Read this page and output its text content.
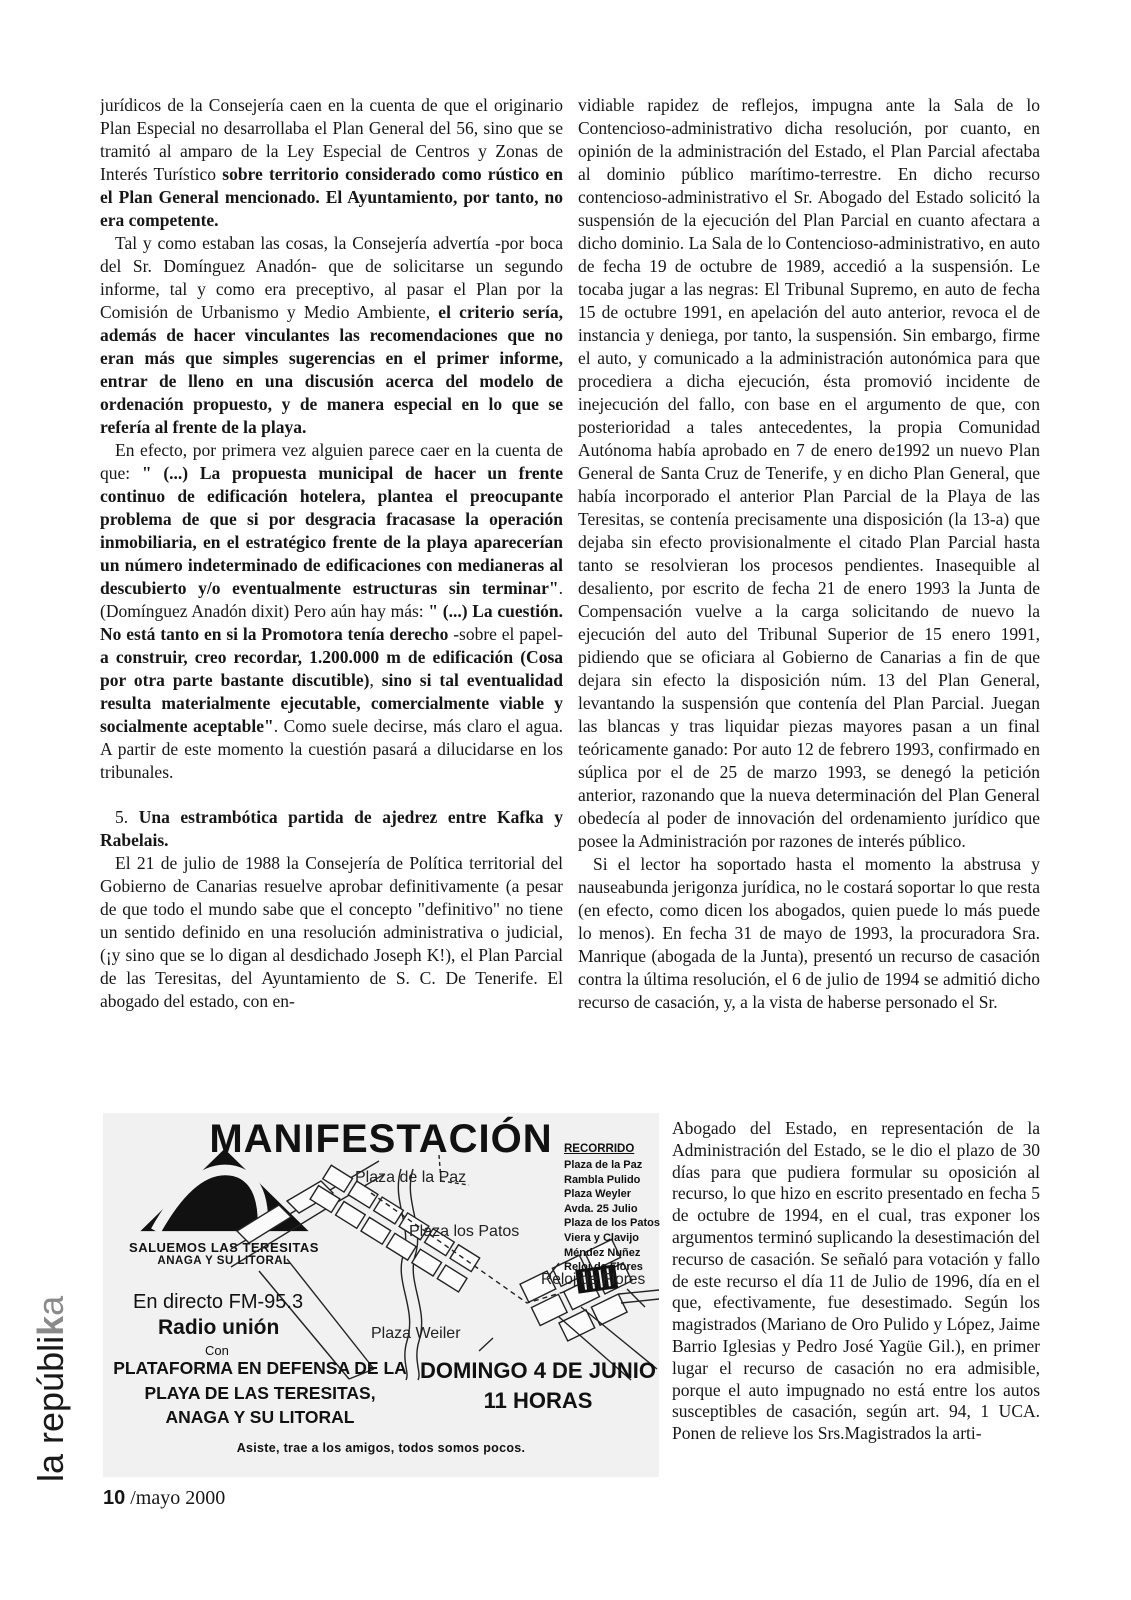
jurídicos de la Consejería caen en la cuenta de que el originario Plan Especial no desarrollaba el Plan General del 56, sino que se tramitó al amparo de la Ley Especial de Centros y Zonas de Interés Turístico sobre territorio considerado como rústico en el Plan General mencionado. El Ayuntamiento, por tanto, no era competente.

Tal y como estaban las cosas, la Consejería advertía -por boca del Sr. Domínguez Anadón- que de solicitarse un segundo informe, tal y como era preceptivo, al pasar el Plan por la Comisión de Urbanismo y Medio Ambiente, el criterio sería, además de hacer vinculantes las recomendaciones que no eran más que simples sugerencias en el primer informe, entrar de lleno en una discusión acerca del modelo de ordenación propuesto, y de manera especial en lo que se refería al frente de la playa.

En efecto, por primera vez alguien parece caer en la cuenta de que: " (...) La propuesta municipal de hacer un frente continuo de edificación hotelera, plantea el preocupante problema de que si por desgracia fracasase la operación inmobiliaria, en el estratégico frente de la playa aparecerían un número indeterminado de edificaciones con medianeras al descubierto y/o eventualmente estructuras sin terminar". (Domínguez Anadón dixit) Pero aún hay más: " (...) La cuestión. No está tanto en si la Promotora tenía derecho -sobre el papel- a construir, creo recordar, 1.200.000 m de edificación (Cosa por otra parte bastante discutible), sino si tal eventualidad resulta materialmente ejecutable, comercialmente viable y socialmente aceptable". Como suele decirse, más claro el agua. A partir de este momento la cuestión pasará a dilucidarse en los tribunales.

5. Una estrambótica partida de ajedrez entre Kafka y Rabelais.

El 21 de julio de 1988 la Consejería de Política territorial del Gobierno de Canarias resuelve aprobar definitivamente (a pesar de que todo el mundo sabe que el concepto "definitivo" no tiene un sentido definido en una resolución administrativa o judicial, (¡y sino que se lo digan al desdichado Joseph K!), el Plan Parcial de las Teresitas, del Ayuntamiento de S. C. De Tenerife. El abogado del estado, con en-

vidiable rapidez de reflejos, impugna ante la Sala de lo Contencioso-administrativo dicha resolución, por cuanto, en opinión de la administración del Estado, el Plan Parcial afectaba al dominio público marítimo-terrestre. En dicho recurso contencioso-administrativo el Sr. Abogado del Estado solicitó la suspensión de la ejecución del Plan Parcial en cuanto afectara a dicho dominio. La Sala de lo Contencioso-administrativo, en auto de fecha 19 de octubre de 1989, accedió a la suspensión. Le tocaba jugar a las negras: El Tribunal Supremo, en auto de fecha 15 de octubre 1991, en apelación del auto anterior, revoca el de instancia y deniega, por tanto, la suspensión. Sin embargo, firme el auto, y comunicado a la administración autonómica para que procediera a dicha ejecución, ésta promovió incidente de inejecución del fallo, con base en el argumento de que, con posterioridad a tales antecedentes, la propia Comunidad Autónoma había aprobado en 7 de enero de1992 un nuevo Plan General de Santa Cruz de Tenerife, y en dicho Plan General, que había incorporado el anterior Plan Parcial de la Playa de las Teresitas, se contenía precisamente una disposición (la 13-a) que dejaba sin efecto provisionalmente el citado Plan Parcial hasta tanto se resolvieran los procesos pendientes. Inasequible al desaliento, por escrito de fecha 21 de enero 1993 la Junta de Compensación vuelve a la carga solicitando de nuevo la ejecución del auto del Tribunal Superior de 15 enero 1991, pidiendo que se oficiara al Gobierno de Canarias a fin de que dejara sin efecto la disposición núm. 13 del Plan General, levantando la suspensión que contenía del Plan Parcial. Juegan las blancas y tras liquidar piezas mayores pasan a un final teóricamente ganado: Por auto 12 de febrero 1993, confirmado en súplica por el de 25 de marzo 1993, se denegó la petición anterior, razonando que la nueva determinación del Plan General obedecía al poder de innovación del ordenamiento jurídico que posee la Administración por razones de interés público.

Si el lector ha soportado hasta el momento la abstrusa y nauseabunda jerigonza jurídica, no le costará soportar lo que resta (en efecto, como dicen los abogados, quien puede lo más puede lo menos). En fecha 31 de mayo de 1993, la procuradora Sra. Manrique (abogada de la Junta), presentó un recurso de casación contra la última resolución, el 6 de julio de 1994 se admitió dicho recurso de casación, y, a la vista de haberse personado el Sr.

Abogado del Estado, en representación de la Administración del Estado, se le dio el plazo de 30 días para que pudiera formular su oposición al recurso, lo que hizo en escrito presentado en fecha 5 de octubre de 1994, en el cual, tras exponer los argumentos terminó suplicando la desestimación del recurso de casación. Se señaló para votación y fallo de este recurso el día 11 de Julio de 1996, día en el que, efectivamente, fue desestimado. Según los magistrados (Mariano de Oro Pulido y López, Jaime Barrio Iglesias y Pedro José Yagüe Gil.), en primer lugar el recurso de casación no era admisible, porque el auto impugnado no está entre los autos susceptibles de casación, según art. 94, 1 UCA. Ponen de relieve los Srs.Magistrados la arti-

MANIFESTACIÓN
SALUEMOS LAS TERESITAS
ANAGA Y SU LITORAL
Plaza de la Paz
Plaza los Patos
Plaza Weiler
Reloj de Flores
RECORRIDO
Plaza de la Paz
Rambla Pulido
Plaza Weyler
Avda. 25 Julio
Plaza de los Patos
Viera y Clavijo
Méndez Nuñez
Reloj de Flores
En directo FM-95.3
Radio unión
Con
PLATAFORMA EN DEFENSA DE LA
PLAYA DE LAS TERESITAS,
ANAGA Y SU LITORAL
DOMINGO 4 DE JUNIO
11 HORAS
Asiste, trae a los amigos, todos somos pocos.
la repúblika
10 /mayo 2000
